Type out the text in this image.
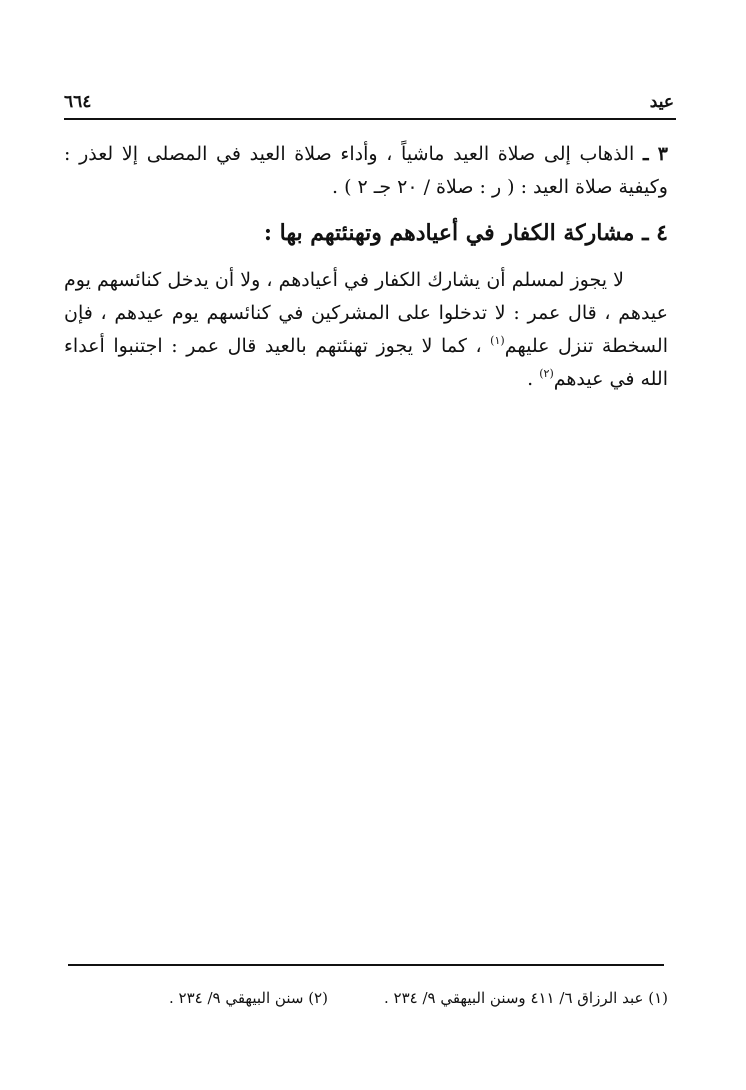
عيد
٦٦٤

٣ ـ الذهاب إلى صلاة العيد ماشياً ، وأداء صلاة العيد في المصلى إلا لعذر : وكيفية صلاة العيد : ( ر : صلاة / ٢٠ جـ ٢ ) .

٤ ـ مشاركة الكفار في أعيادهم وتهنئتهم بها :

لا يجوز لمسلم أن يشارك الكفار في أعيادهم ، ولا أن يدخل كنائسهم يوم عيدهم ، قال عمر : لا تدخلوا على المشركين في كنائسهم يوم عيدهم ، فإن السخطة تنزل عليهم$^{(١)}$ ، كما لا يجوز تهنئتهم بالعيد قال عمر : اجتنبوا أعداء الله في عيدهم$^{(٢)}$ .

(١) عبد الرزاق ٦/ ٤١١ وسنن البيهقي ٩/ ٢٣٤ .
(٢) سنن البيهقي ٩/ ٢٣٤ .
